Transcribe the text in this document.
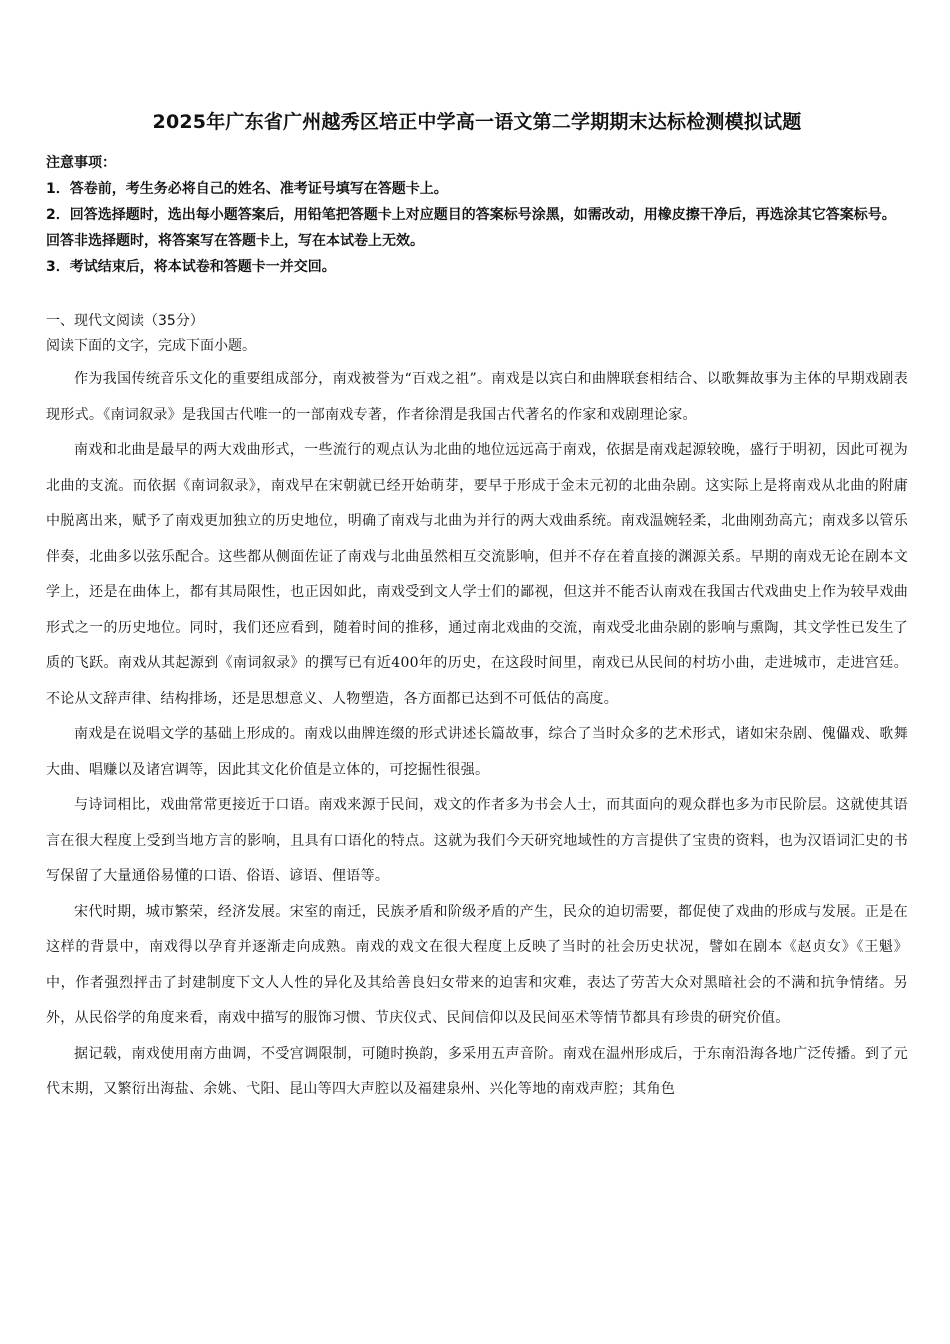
2025年广东省广州越秀区培正中学高一语文第二学期期末达标检测模拟试题
注意事项：
1．答卷前，考生务必将自己的姓名、准考证号填写在答题卡上。
2．回答选择题时，选出每小题答案后，用铅笔把答题卡上对应题目的答案标号涂黑，如需改动，用橡皮擦干净后，再选涂其它答案标号。回答非选择题时，将答案写在答题卡上，写在本试卷上无效。
3．考试结束后，将本试卷和答题卡一并交回。
一、现代文阅读（35分）
阅读下面的文字，完成下面小题。

作为我国传统音乐文化的重要组成部分，南戏被誉为“百戏之祖”。南戏是以宾白和曲牌联套相结合、以歌舞故事为主体的早期戏剧表现形式。《南词叙录》是我国古代唯一的一部南戏专著，作者徐渭是我国古代著名的作家和戏剧理论家。

南戏和北曲是最早的两大戏曲形式，一些流行的观点认为北曲的地位远远高于南戏，依据是南戏起源较晚，盛行于明初，因此可视为北曲的支流。而依据《南词叙录》，南戏早在宋朝就已经开始萌芽，要早于形成于金末元初的北曲杂剧。这实际上是将南戏从北曲的附庸中脱离出来，赋予了南戏更加独立的历史地位，明确了南戏与北曲为并行的两大戏曲系统。南戏温婉轻柔，北曲刚劲高亢；南戏多以管乐伴奏，北曲多以弦乐配合。这些都从侧面佐证了南戏与北曲虽然相互交流影响，但并不存在着直接的渊源关系。早期的南戏无论在剧本文学上，还是在曲体上，都有其局限性，也正因如此，南戏受到文人学士们的鄙视，但这并不能否认南戏在我国古代戏曲史上作为较早戏曲形式之一的历史地位。同时，我们还应看到，随着时间的推移，通过南北戏曲的交流，南戏受北曲杂剧的影响与熏陶，其文学性已发生了质的飞跃。南戏从其起源到《南词叙录》的撰写已有近400年的历史，在这段时间里，南戏已从民间的村坊小曲，走进城市，走进宫廷。不论从文辞声律、结构排场，还是思想意义、人物塑造，各方面都已达到不可低估的高度。

南戏是在说唱文学的基础上形成的。南戏以曲牌连缀的形式讲述长篇故事，综合了当时众多的艺术形式，诸如宋杂剧、傀儡戏、歌舞大曲、唱赚以及诸宫调等，因此其文化价值是立体的，可挖掘性很强。

与诗词相比，戏曲常常更接近于口语。南戏来源于民间，戏文的作者多为书会人士，而其面向的观众群也多为市民阶层。这就使其语言在很大程度上受到当地方言的影响，且具有口语化的特点。这就为我们今天研究地域性的方言提供了宝贵的资料，也为汉语词汇史的书写保留了大量通俗易懂的口语、俗语、谚语、俚语等。

宋代时期，城市繁荣，经济发展。宋室的南迁，民族矛盾和阶级矛盾的产生，民众的迫切需要，都促使了戏曲的形成与发展。正是在这样的背景中，南戏得以孕育并逐渐走向成熟。南戏的戏文在很大程度上反映了当时的社会历史状况，譬如在剧本《赵贞女》《王魁》中，作者强烈抨击了封建制度下文人人性的异化及其给善良妇女带来的迫害和灾难，表达了劳苦大众对黑暗社会的不满和抗争情绪。另外，从民俗学的角度来看，南戏中描写的服饰习惯、节庆仪式、民间信仰以及民间巫术等情节都具有珍贵的研究价值。

据记载，南戏使用南方曲调，不受宫调限制，可随时换韵，多采用五声音阶。南戏在温州形成后，于东南沿海各地广泛传播。到了元代末期，又繁衍出海盐、余姚、弋阳、昆山等四大声腔以及福建泉州、兴化等地的南戏声腔；其角色
